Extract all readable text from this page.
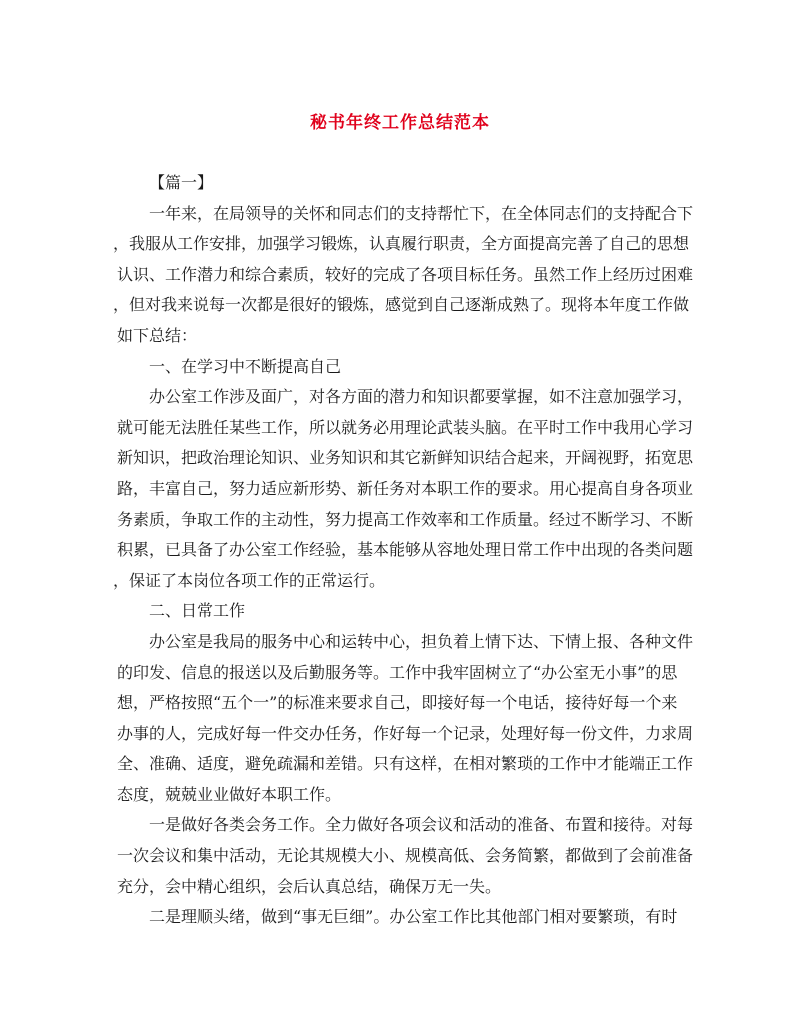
秘书年终工作总结范本
【篇一】
一年来，在局领导的关怀和同志们的支持帮忙下，在全体同志们的支持配合下
，我服从工作安排，加强学习锻炼，认真履行职责，全方面提高完善了自己的思想
认识、工作潜力和综合素质，较好的完成了各项目标任务。虽然工作上经历过困难
，但对我来说每一次都是很好的锻炼，感觉到自己逐渐成熟了。现将本年度工作做
如下总结：
一、在学习中不断提高自己
办公室工作涉及面广，对各方面的潜力和知识都要掌握，如不注意加强学习，
就可能无法胜任某些工作，所以就务必用理论武装头脑。在平时工作中我用心学习
新知识，把政治理论知识、业务知识和其它新鲜知识结合起来，开阔视野，拓宽思
路，丰富自己，努力适应新形势、新任务对本职工作的要求。用心提高自身各项业
务素质，争取工作的主动性，努力提高工作效率和工作质量。经过不断学习、不断
积累，已具备了办公室工作经验，基本能够从容地处理日常工作中出现的各类问题
，保证了本岗位各项工作的正常运行。
二、日常工作
办公室是我局的服务中心和运转中心，担负着上情下达、下情上报、各种文件
的印发、信息的报送以及后勤服务等。工作中我牢固树立了“办公室无小事”的思
想，严格按照“五个一”的标准来要求自己，即接好每一个电话，接待好每一个来
办事的人，完成好每一件交办任务，作好每一个记录，处理好每一份文件，力求周
全、准确、适度，避免疏漏和差错。只有这样，在相对繁琐的工作中才能端正工作
态度，兢兢业业做好本职工作。
一是做好各类会务工作。全力做好各项会议和活动的准备、布置和接待。对每
一次会议和集中活动，无论其规模大小、规模高低、会务简繁，都做到了会前准备
充分，会中精心组织，会后认真总结，确保万无一失。
二是理顺头绪，做到“事无巨细”。办公室工作比其他部门相对要繁琐，有时
